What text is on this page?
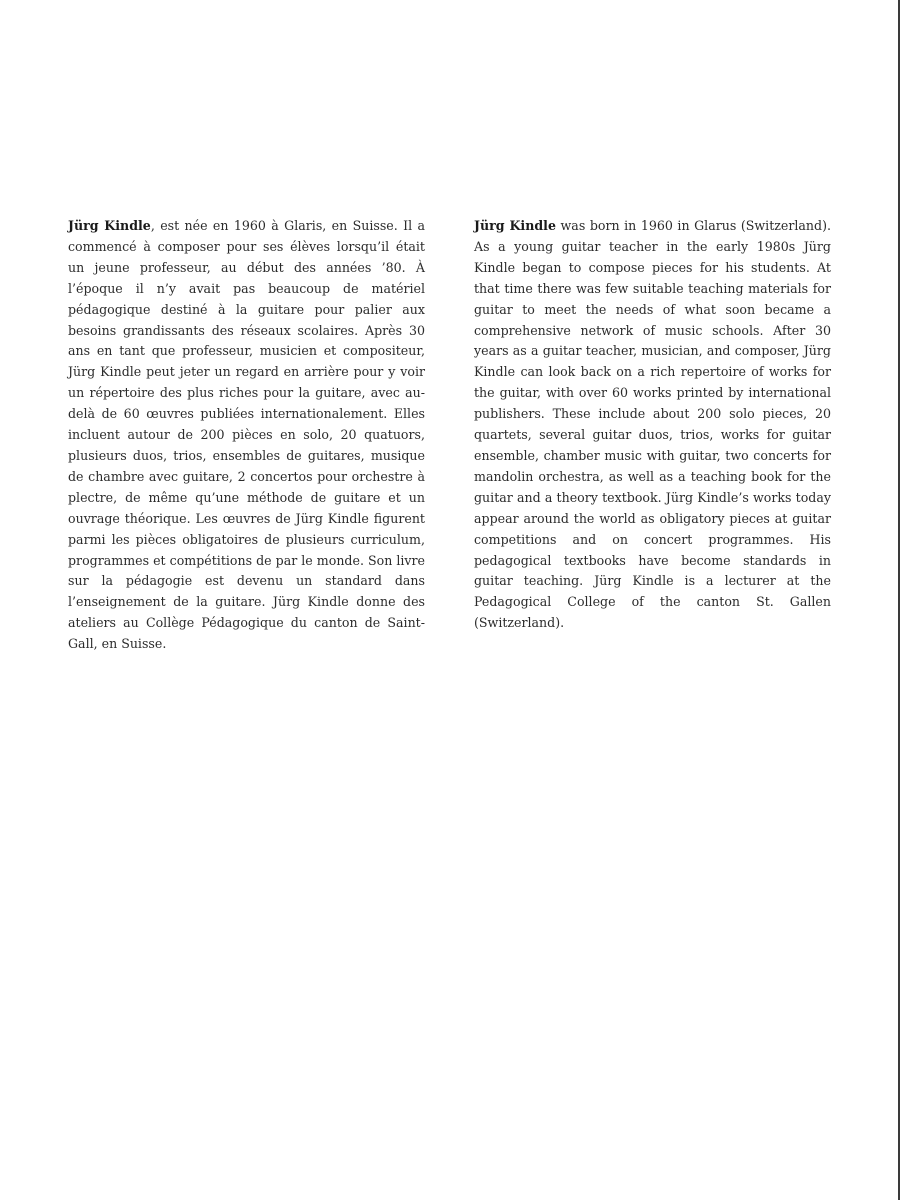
Jürg Kindle, est née en 1960 à Glaris, en Suisse. Il a commencé à composer pour ses élèves lorsqu’il était un jeune professeur, au début des années ’80. À l’époque il n’y avait pas beaucoup de matériel pédagogique destiné à la guitare pour palier aux besoins grandissants des réseaux scolaires. Après 30 ans en tant que professeur, musicien et compositeur, Jürg Kindle peut jeter un regard en arrière pour y voir un répertoire des plus riches pour la guitare, avec au-delà de 60 œuvres publiées internationalement. Elles incluent autour de 200 pièces en solo, 20 quatuors, plusieurs duos, trios, ensembles de guitares, musique de chambre avec guitare, 2 concertos pour orchestre à plectre, de même qu’une méthode de guitare et un ouvrage théorique. Les œuvres de Jürg Kindle figurent parmi les pièces obligatoires de plusieurs curriculum, programmes et compétitions de par le monde. Son livre sur la pédagogie est devenu un standard dans l’enseignement de la guitare. Jürg Kindle donne des ateliers au Collège Pédagogique du canton de Saint-Gall, en Suisse.
Jürg Kindle was born in 1960 in Glarus (Switzerland). As a young guitar teacher in the early 1980s Jürg Kindle began to compose pieces for his students. At that time there was few suitable teaching materials for guitar to meet the needs of what soon became a comprehensive network of music schools. After 30 years as a guitar teacher, musician, and composer, Jürg Kindle can look back on a rich repertoire of works for the guitar, with over 60 works printed by international publishers. These include about 200 solo pieces, 20 quartets, several guitar duos, trios, works for guitar ensemble, chamber music with guitar, two concerts for mandolin orchestra, as well as a teaching book for the guitar and a theory textbook. Jürg Kindle’s works today appear around the world as obligatory pieces at guitar competitions and on concert programmes. His pedagogical textbooks have become standards in guitar teaching. Jürg Kindle is a lecturer at the Pedagogical College of the canton St. Gallen (Switzerland).
